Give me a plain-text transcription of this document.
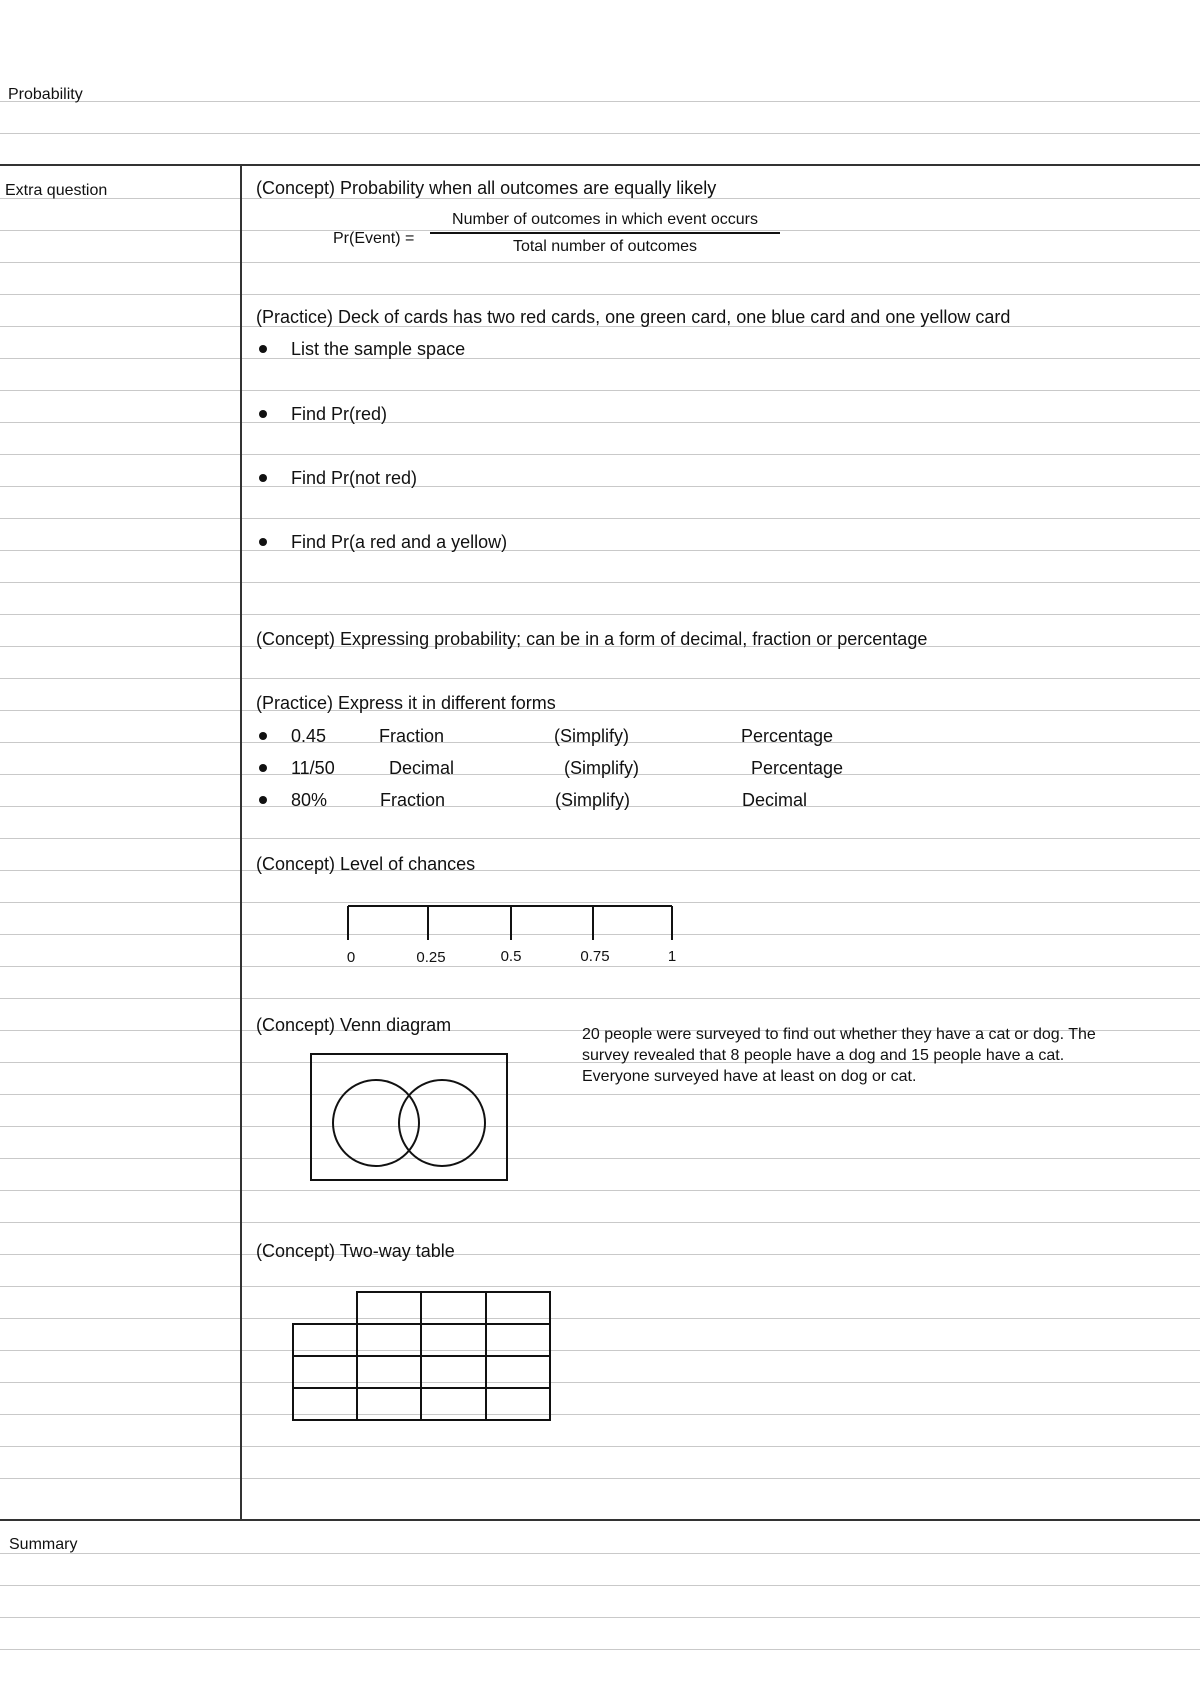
Probability
Extra question
Summary
(Concept) Probability when all outcomes are equally likely
Pr(Event) =
Number of outcomes in which event occurs
Total number of outcomes
(Practice) Deck of cards has two red cards, one green card, one blue card and one yellow card
List the sample space
Find Pr(red)
Find Pr(not red)
Find Pr(a red and a yellow)
(Concept) Expressing probability; can be in a form of decimal, fraction or percentage
(Practice) Express it in different forms
0.45	Fraction	(Simplify)	Percentage
11/50	Decimal	(Simplify)	Percentage
80%	Fraction	(Simplify)	Decimal
(Concept) Level of chances
0	0.25	0.5	0.75	1
(Concept) Venn diagram	20 people were surveyed to find out whether they have a cat or dog. The survey revealed that 8 people have a dog and 15 people have a cat. Everyone surveyed have at least on dog or cat.
(Concept) Two-way table
